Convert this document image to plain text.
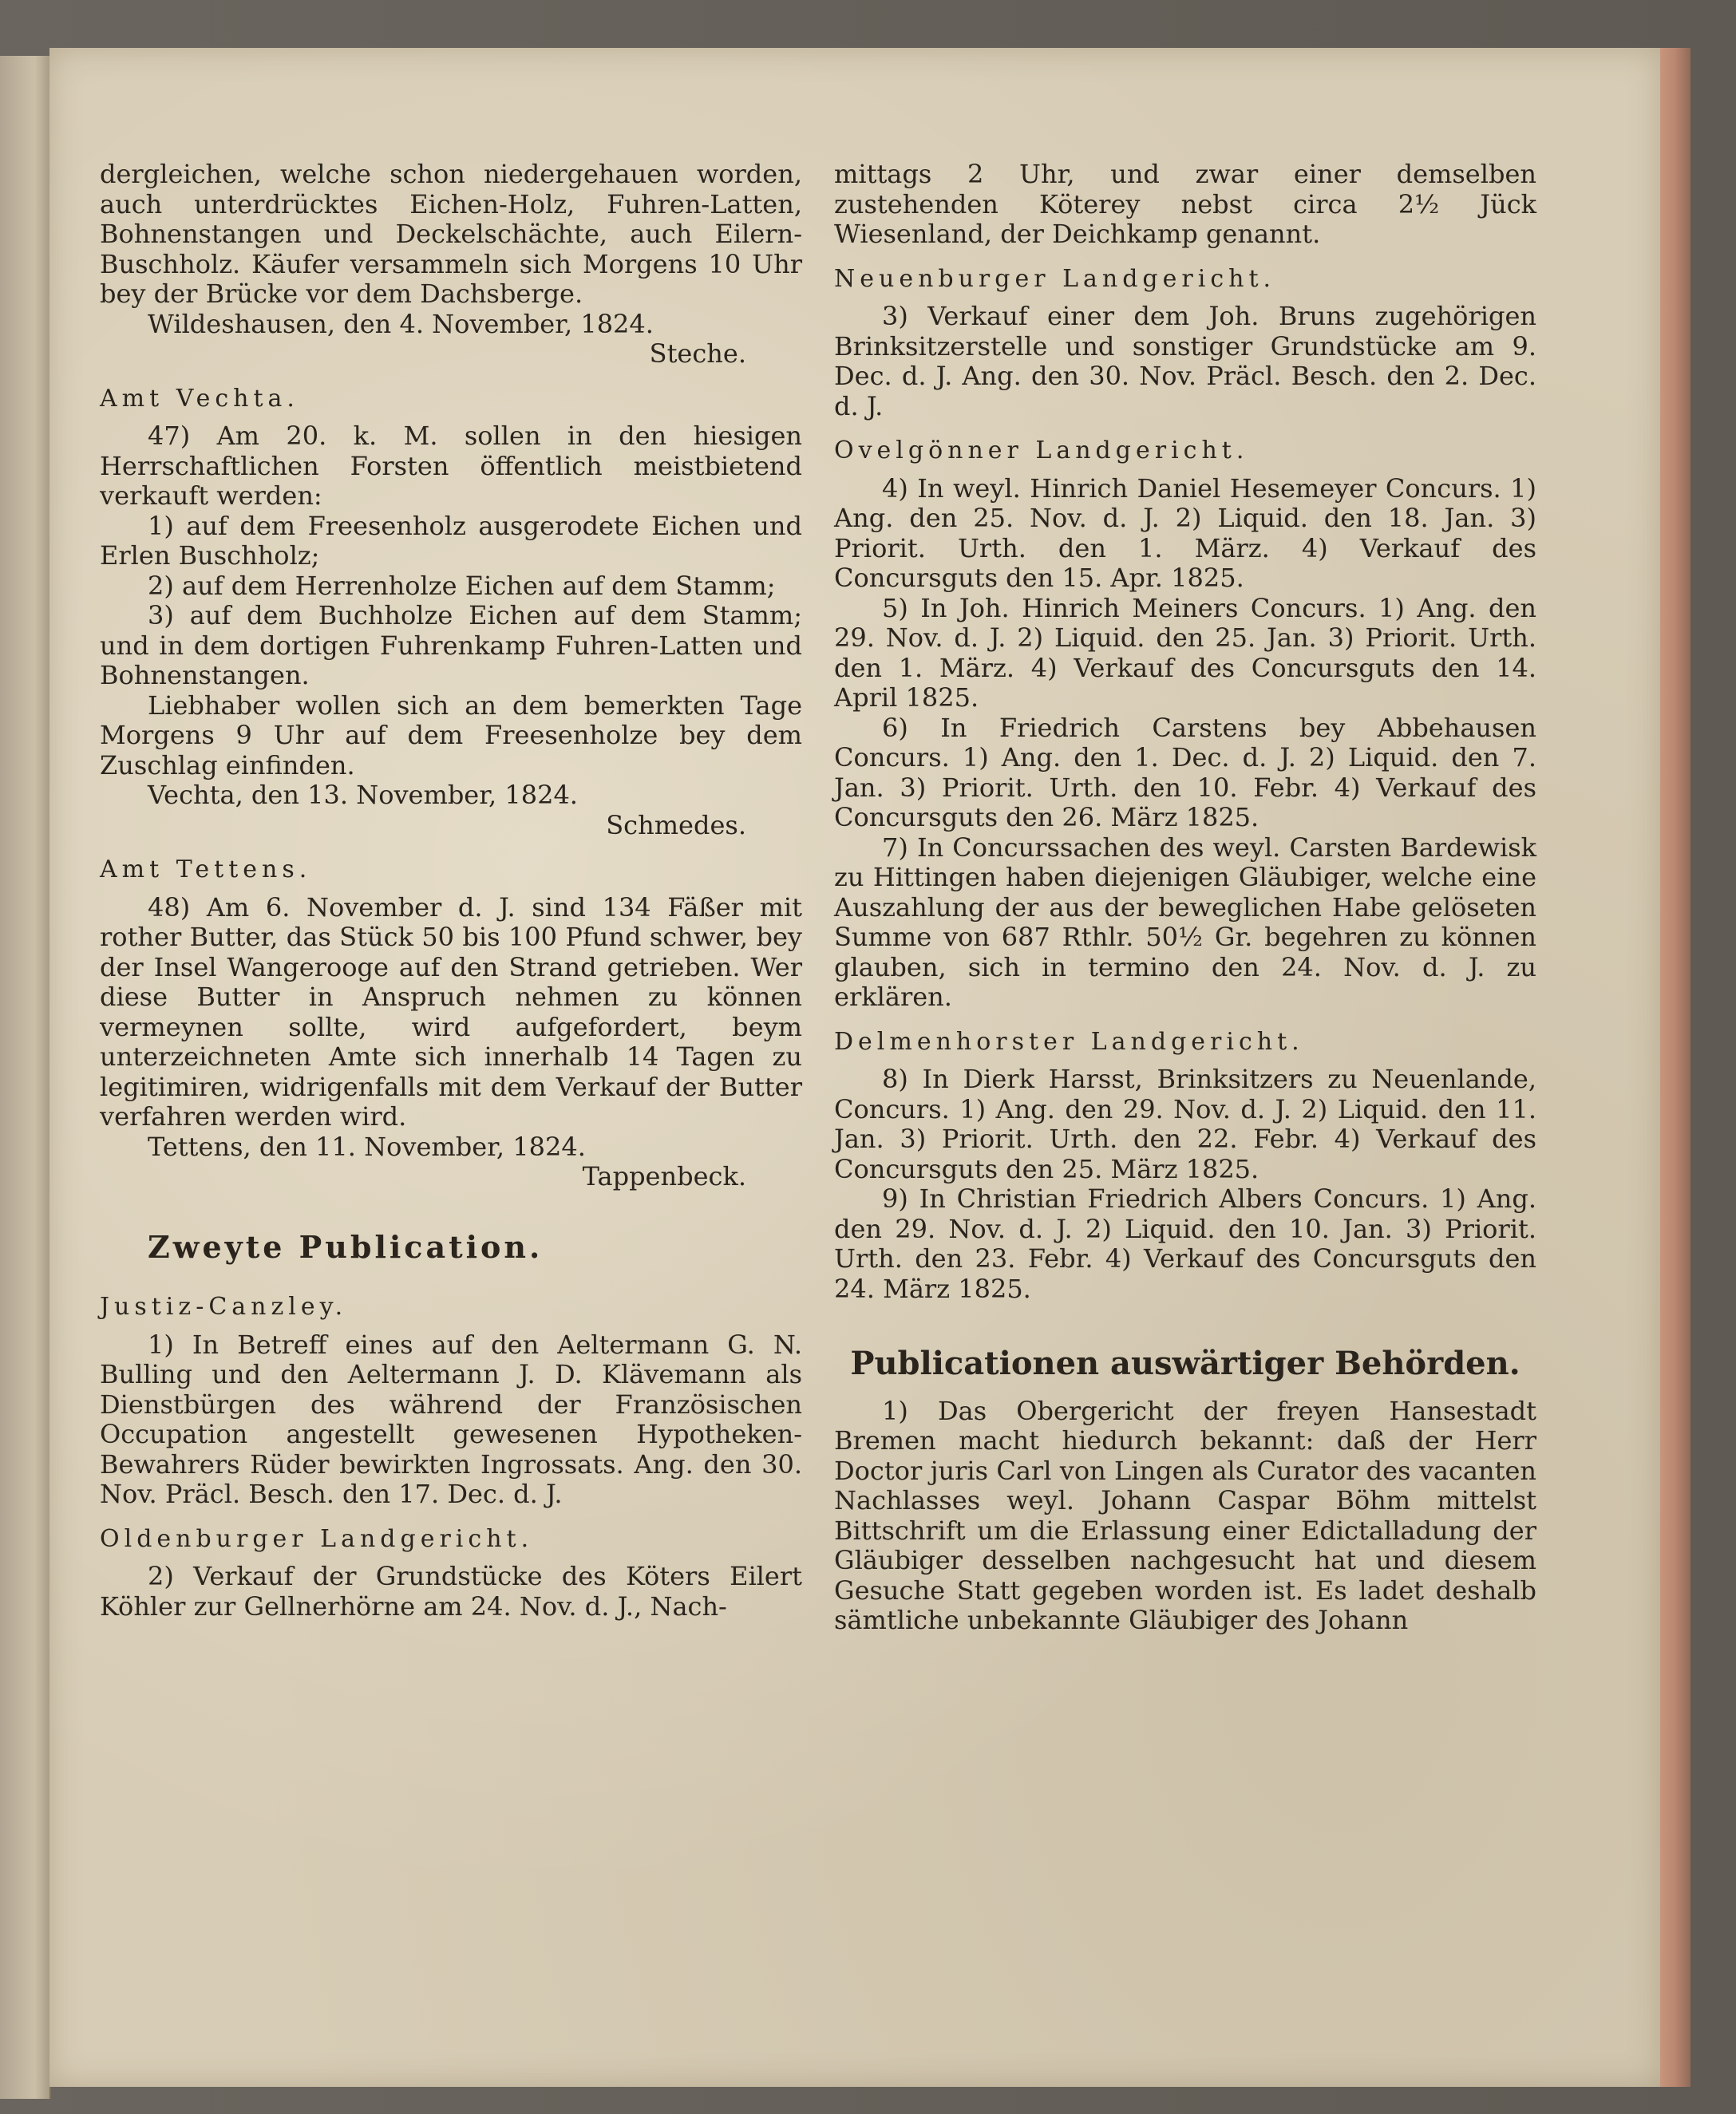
dergleichen, welche schon niedergehauen worden, auch unterdrücktes Eichen-Holz, Fuhren-Latten, Bohnenstangen und Deckelschächte, auch Eilern-Buschholz. Käufer versammeln sich Morgens 10 Uhr bey der Brücke vor dem Dachsberge.

Wildeshausen, den 4. November, 1824.

Steche.

Amt Vechta.

47) Am 20. k. M. sollen in den hiesigen Herrschaftlichen Forsten öffentlich meistbietend verkauft werden:

1) auf dem Freesenholz ausgerodete Eichen und Erlen Buschholz;

2) auf dem Herrenholze Eichen auf dem Stamm;

3) auf dem Buchholze Eichen auf dem Stamm; und in dem dortigen Fuhrenkamp Fuhren-Latten und Bohnenstangen.

Liebhaber wollen sich an dem bemerkten Tage Morgens 9 Uhr auf dem Freesenholze bey dem Zuschlag einfinden.

Vechta, den 13. November, 1824.

Schmedes.

Amt Tettens.

48) Am 6. November d. J. sind 134 Fäßer mit rother Butter, das Stück 50 bis 100 Pfund schwer, bey der Insel Wangerooge auf den Strand getrieben. Wer diese Butter in Anspruch nehmen zu können vermeynen sollte, wird aufgefordert, beym unterzeichneten Amte sich innerhalb 14 Tagen zu legitimiren, widrigenfalls mit dem Verkauf der Butter verfahren werden wird.

Tettens, den 11. November, 1824.

Tappenbeck.

Zweyte Publication.

Justiz-Canzley.

1) In Betreff eines auf den Aeltermann G. N. Bulling und den Aeltermann J. D. Klävemann als Dienstbürgen des während der Französischen Occupation angestellt gewesenen Hypotheken-Bewahrers Rüder bewirkten Ingrossats. Ang. den 30. Nov. Präcl. Besch. den 17. Dec. d. J.

Oldenburger Landgericht.

2) Verkauf der Grundstücke des Köters Eilert Köhler zur Gellnerhörne am 24. Nov. d. J., Nach-

mittags 2 Uhr, und zwar einer demselben zustehenden Köterey nebst circa 2½ Jück Wiesenland, der Deichkamp genannt.

Neuenburger Landgericht.

3) Verkauf einer dem Joh. Bruns zugehörigen Brinksitzerstelle und sonstiger Grundstücke am 9. Dec. d. J. Ang. den 30. Nov. Präcl. Besch. den 2. Dec. d. J.

Ovelgönner Landgericht.

4) In weyl. Hinrich Daniel Hesemeyer Concurs. 1) Ang. den 25. Nov. d. J. 2) Liquid. den 18. Jan. 3) Priorit. Urth. den 1. März. 4) Verkauf des Concursguts den 15. Apr. 1825.

5) In Joh. Hinrich Meiners Concurs. 1) Ang. den 29. Nov. d. J. 2) Liquid. den 25. Jan. 3) Priorit. Urth. den 1. März. 4) Verkauf des Concursguts den 14. April 1825.

6) In Friedrich Carstens bey Abbehausen Concurs. 1) Ang. den 1. Dec. d. J. 2) Liquid. den 7. Jan. 3) Priorit. Urth. den 10. Febr. 4) Verkauf des Concursguts den 26. März 1825.

7) In Concurssachen des weyl. Carsten Bardewisk zu Hittingen haben diejenigen Gläubiger, welche eine Auszahlung der aus der beweglichen Habe gelöseten Summe von 687 Rthlr. 50½ Gr. begehren zu können glauben, sich in termino den 24. Nov. d. J. zu erklären.

Delmenhorster Landgericht.

8) In Dierk Harsst, Brinksitzers zu Neuenlande, Concurs. 1) Ang. den 29. Nov. d. J. 2) Liquid. den 11. Jan. 3) Priorit. Urth. den 22. Febr. 4) Verkauf des Concursguts den 25. März 1825.

9) In Christian Friedrich Albers Concurs. 1) Ang. den 29. Nov. d. J. 2) Liquid. den 10. Jan. 3) Priorit. Urth. den 23. Febr. 4) Verkauf des Concursguts den 24. März 1825.

Publicationen auswärtiger Behörden.

1) Das Obergericht der freyen Hansestadt Bremen macht hiedurch bekannt: daß der Herr Doctor juris Carl von Lingen als Curator des vacanten Nachlasses weyl. Johann Caspar Böhm mittelst Bittschrift um die Erlassung einer Edictalladung der Gläubiger desselben nachgesucht hat und diesem Gesuche Statt gegeben worden ist. Es ladet deshalb sämtliche unbekannte Gläubiger des Johann
